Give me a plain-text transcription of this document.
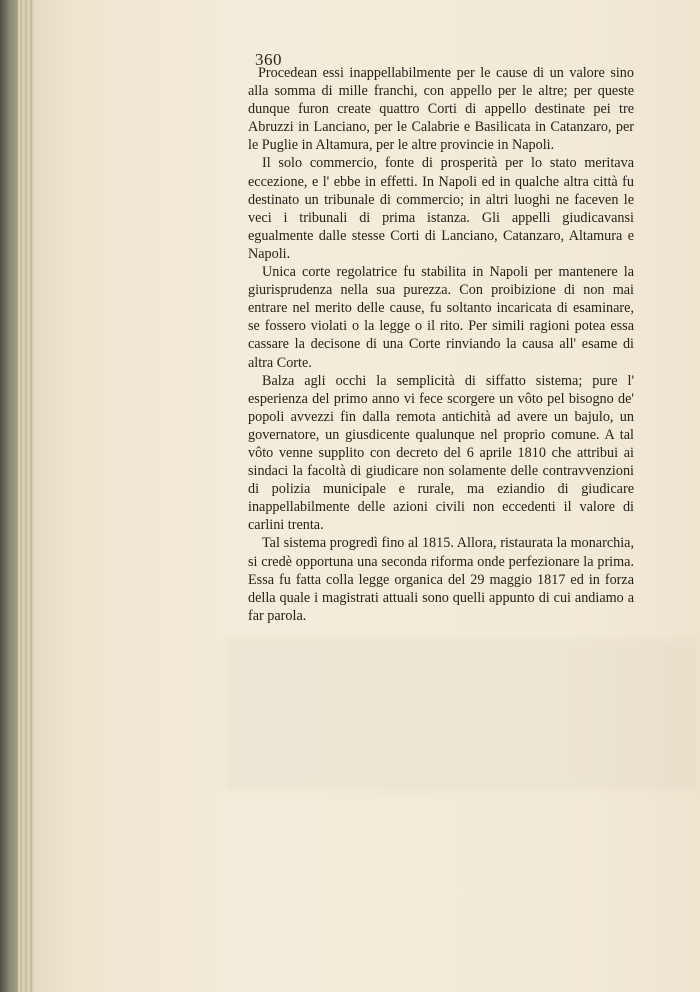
360

Procedean essi inappellabilmente per le cause di un valore sino alla somma di mille franchi, con appello per le altre; per queste dunque furon create quattro Corti di appello destinate pei tre Abruzzi in Lanciano, per le Calabrie e Basilicata in Catanzaro, per le Puglie in Altamura, per le altre provincie in Napoli.

Il solo commercio, fonte di prosperità per lo stato meritava eccezione, e l' ebbe in effetti. In Napoli ed in qualche altra città fu destinato un tribunale di commercio; in altri luoghi ne faceven le veci i tribunali di prima istanza. Gli appelli giudicavansi egualmente dalle stesse Corti di Lanciano, Catanzaro, Altamura e Napoli.

Unica corte regolatrice fu stabilita in Napoli per mantenere la giurisprudenza nella sua purezza. Con proibizione di non mai entrare nel merito delle cause, fu soltanto incaricata di esaminare, se fossero violati o la legge o il rito. Per simili ragioni potea essa cassare la decisone di una Corte rinviando la causa all' esame di altra Corte.

Balza agli occhi la semplicità di siffatto sistema; pure l' esperienza del primo anno vi fece scorgere un vôto pel bisogno de' popoli avvezzi fin dalla remota antichità ad avere un bajulo, un governatore, un giusdicente qualunque nel proprio comune. A tal vôto venne supplito con decreto del 6 aprile 1810 che attribui ai sindaci la facoltà di giudicare non solamente delle contravvenzioni di polizia municipale e rurale, ma eziandio di giudicare inappellabilmente delle azioni civili non eccedenti il valore di carlini trenta.

Tal sistema progredì fino al 1815. Allora, ristaurata la monarchia, si credè opportuna una seconda riforma onde perfezionare la prima. Essa fu fatta colla legge organica del 29 maggio 1817 ed in forza della quale i magistrati attuali sono quelli appunto di cui andiamo a far parola.
